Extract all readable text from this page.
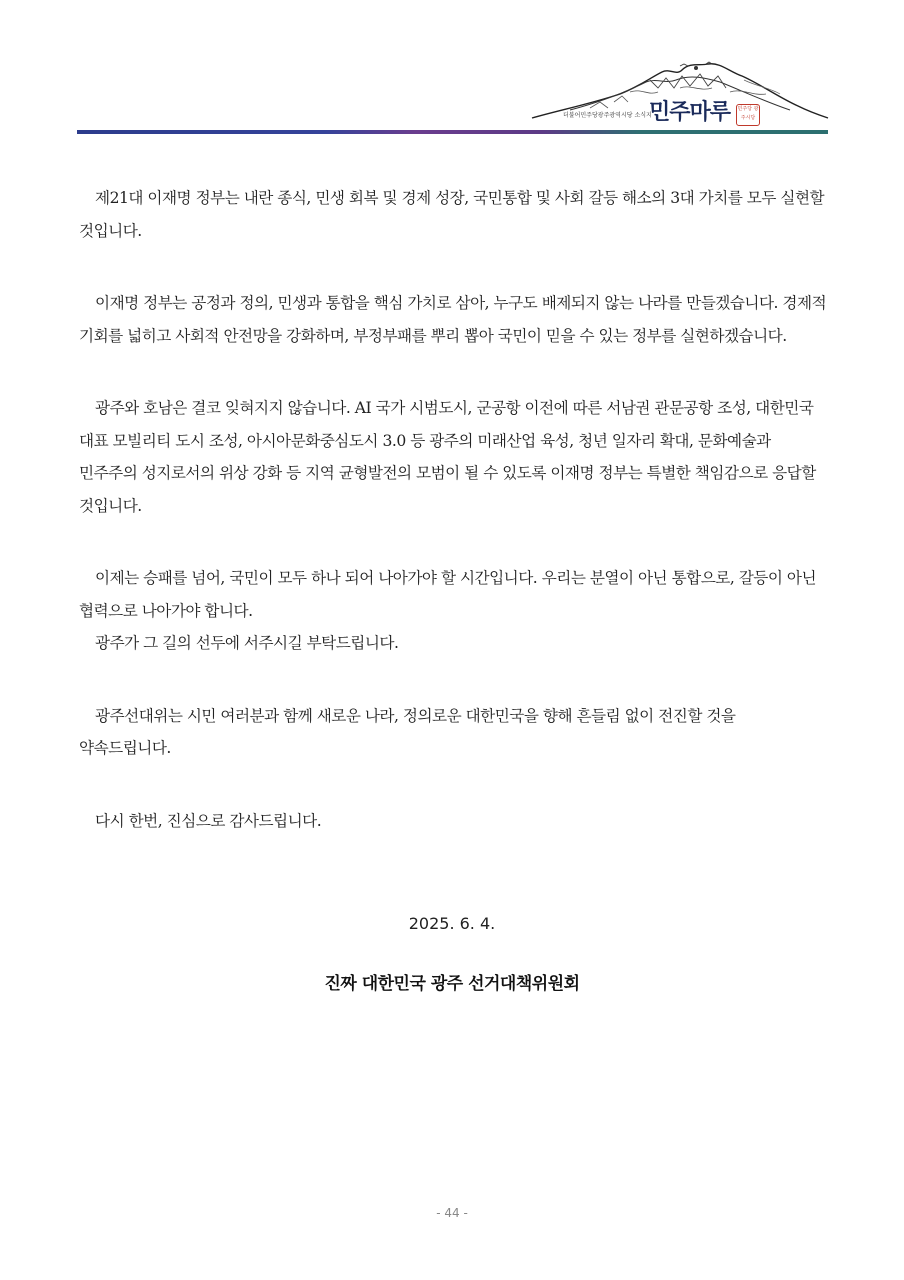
더불어민주당광주광역시당 소식지
민주마루	민주당 광주시당

제21대 이재명 정부는 내란 종식, 민생 회복 및 경제 성장, 국민통합 및 사회 갈등 해소의 3대 가치를 모두 실현할 것입니다.

이재명 정부는 공정과 정의, 민생과 통합을 핵심 가치로 삼아, 누구도 배제되지 않는 나라를 만들겠습니다. 경제적 기회를 넓히고 사회적 안전망을 강화하며, 부정부패를 뿌리 뽑아 국민이 믿을 수 있는 정부를 실현하겠습니다.

광주와 호남은 결코 잊혀지지 않습니다. AI 국가 시범도시, 군공항 이전에 따른 서남권 관문공항 조성, 대한민국 대표 모빌리티 도시 조성, 아시아문화중심도시 3.0 등 광주의 미래산업 육성, 청년 일자리 확대, 문화예술과 민주주의 성지로서의 위상 강화 등 지역 균형발전의 모범이 될 수 있도록 이재명 정부는 특별한 책임감으로 응답할 것입니다.

이제는 승패를 넘어, 국민이 모두 하나 되어 나아가야 할 시간입니다. 우리는 분열이 아닌 통합으로, 갈등이 아닌 협력으로 나아가야 합니다.
광주가 그 길의 선두에 서주시길 부탁드립니다.

광주선대위는 시민 여러분과 함께 새로운 나라, 정의로운 대한민국을 향해 흔들림 없이 전진할 것을 약속드립니다.

다시 한번, 진심으로 감사드립니다.

2025. 6. 4.
진짜 대한민국 광주 선거대책위원회
- 44 -
